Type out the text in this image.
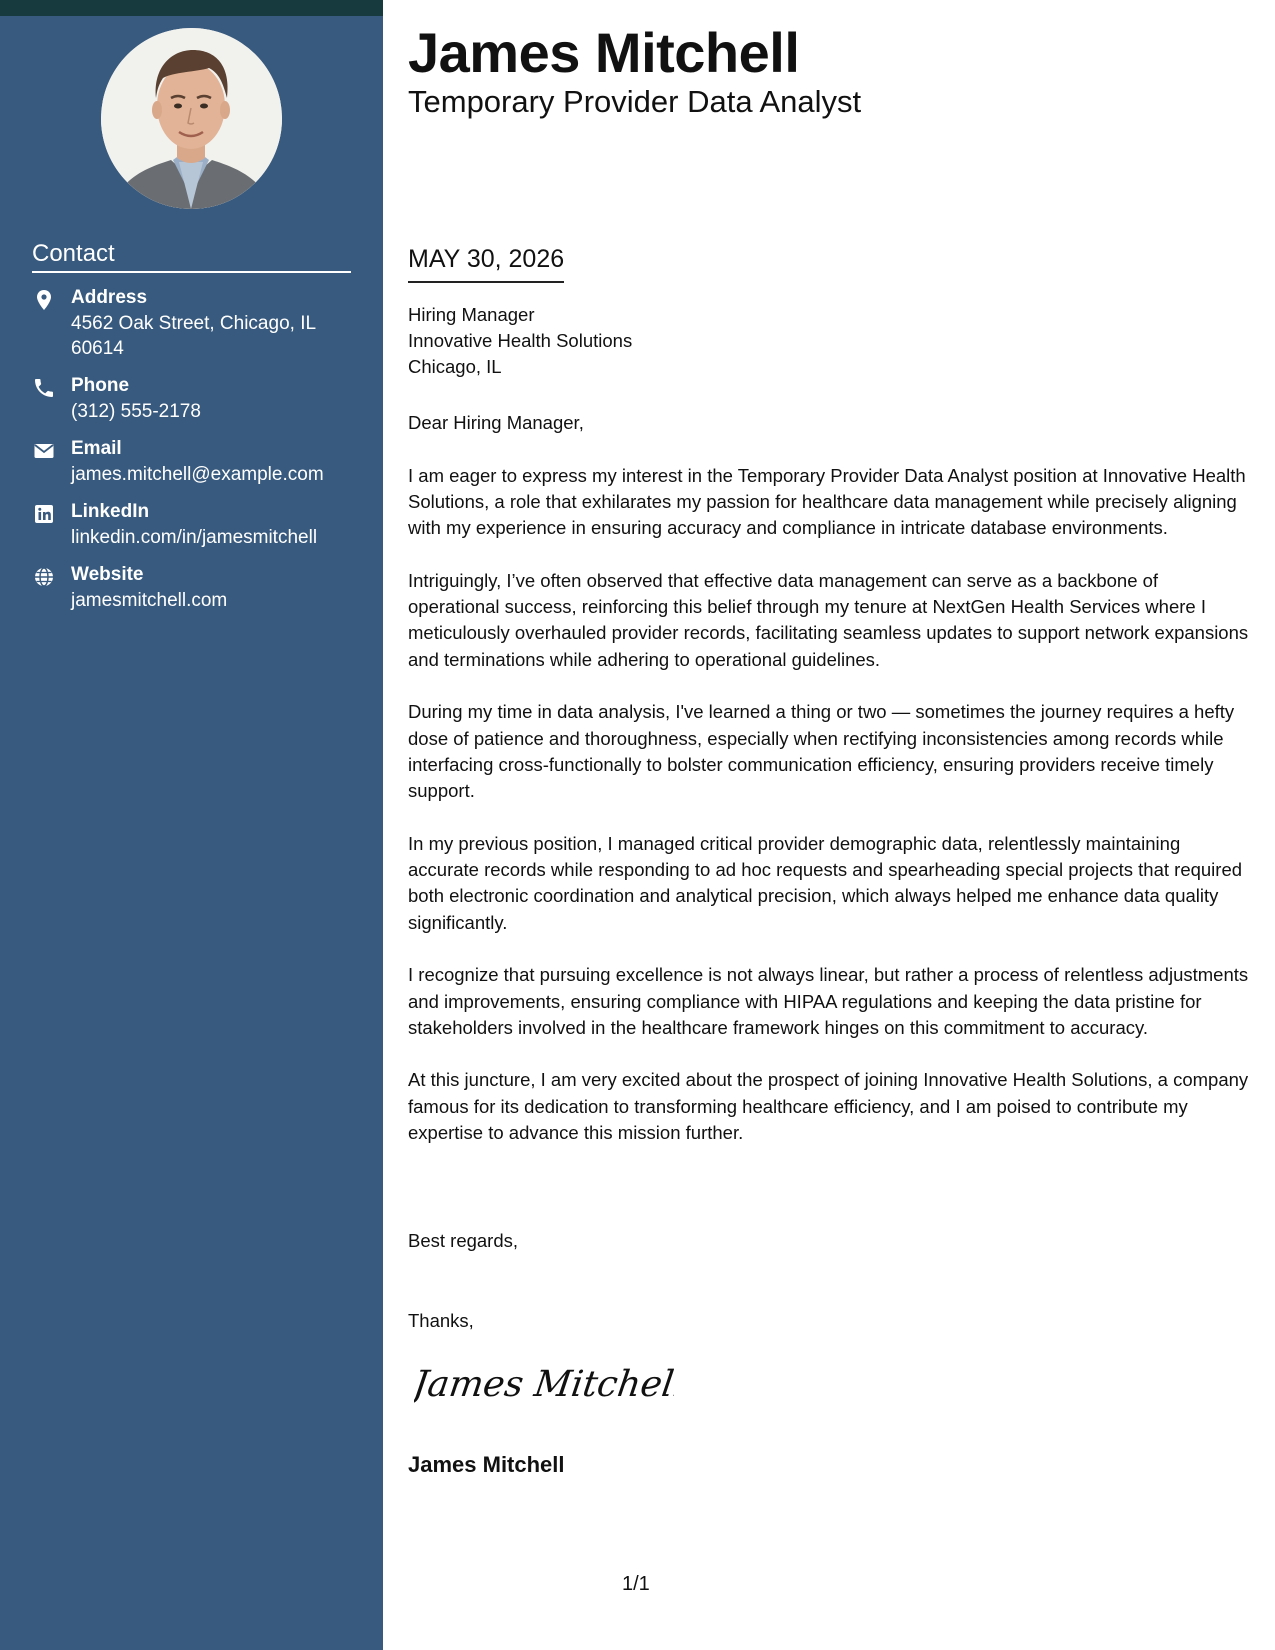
Contact
Address
4562 Oak Street, Chicago, IL 60614
Phone
(312) 555-2178
Email
james.mitchell@example.com
LinkedIn
linkedin.com/in/jamesmitchell
Website
jamesmitchell.com
James Mitchell
Temporary Provider Data Analyst
MAY 30, 2026
Hiring Manager
Innovative Health Solutions
Chicago, IL

Dear Hiring Manager,

I am eager to express my interest in the Temporary Provider Data Analyst position at Innovative Health Solutions, a role that exhilarates my passion for healthcare data management while precisely aligning with my experience in ensuring accuracy and compliance in intricate database environments.

Intriguingly, I’ve often observed that effective data management can serve as a backbone of operational success, reinforcing this belief through my tenure at NextGen Health Services where I meticulously overhauled provider records, facilitating seamless updates to support network expansions and terminations while adhering to operational guidelines.

During my time in data analysis, I've learned a thing or two — sometimes the journey requires a hefty dose of patience and thoroughness, especially when rectifying inconsistencies among records while interfacing cross-functionally to bolster communication efficiency, ensuring providers receive timely support.

In my previous position, I managed critical provider demographic data, relentlessly maintaining accurate records while responding to ad hoc requests and spearheading special projects that required both electronic coordination and analytical precision, which always helped me enhance data quality significantly.

I recognize that pursuing excellence is not always linear, but rather a process of relentless adjustments and improvements, ensuring compliance with HIPAA regulations and keeping the data pristine for stakeholders involved in the healthcare framework hinges on this commitment to accuracy.

At this juncture, I am very excited about the prospect of joining Innovative Health Solutions, a company famous for its dedication to transforming healthcare efficiency, and I am poised to contribute my expertise to advance this mission further.

Best regards,
Thanks,
James Mitchell
James Mitchell
1/1
